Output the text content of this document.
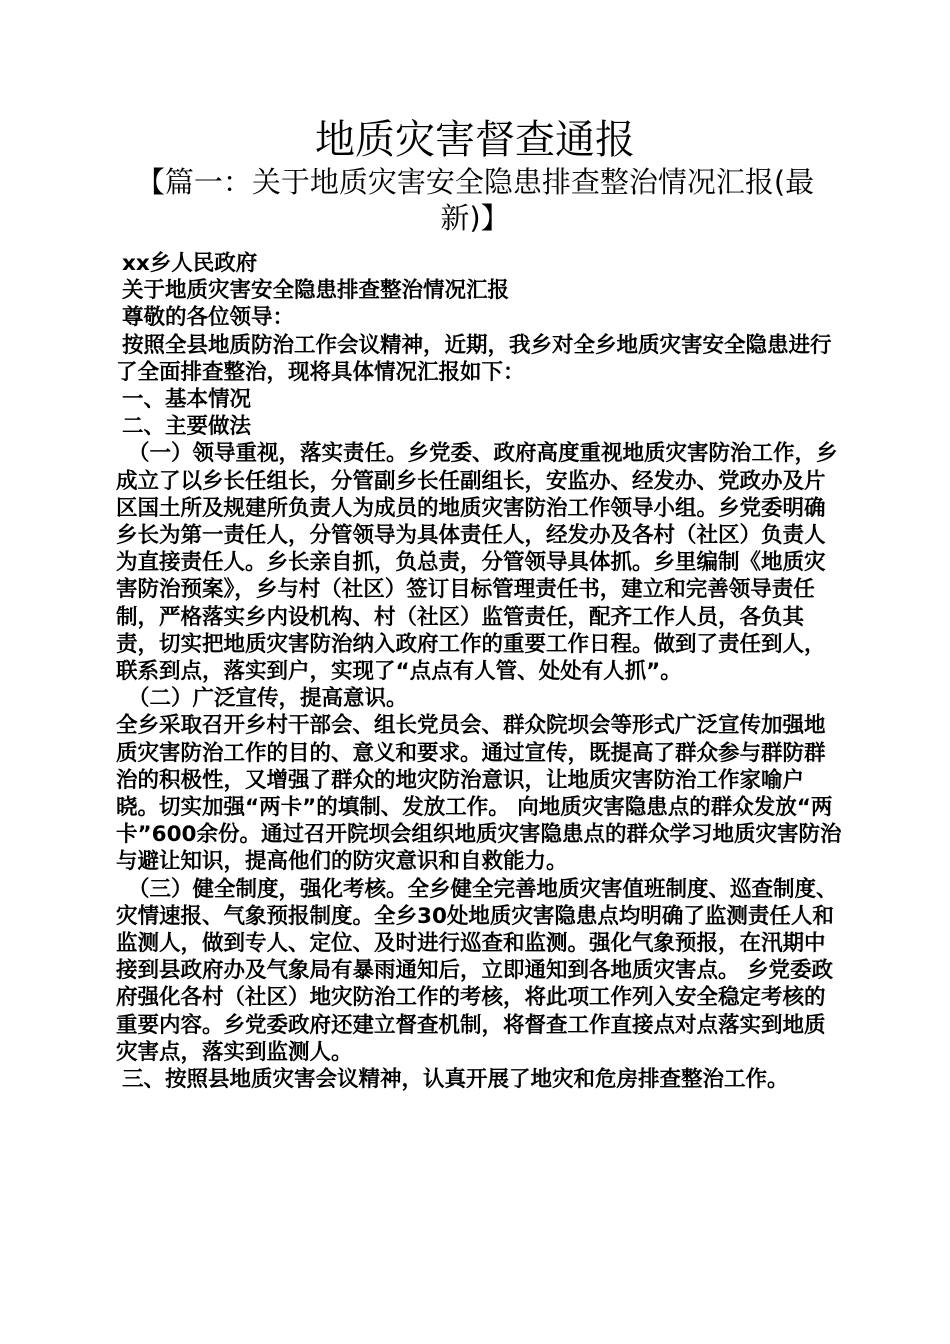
地质灾害督查通报
【篇一：关于地质灾害安全隐患排查整治情况汇报(最新)】

xx乡人民政府

关于地质灾害安全隐患排查整治情况汇报

尊敬的各位领导：

按照全县地质防治工作会议精神，近期，我乡对全乡地质灾害安全隐患进行了全面排查整治，现将具体情况汇报如下：

一、基本情况

二、主要做法

（一）领导重视，落实责任。乡党委、政府高度重视地质灾害防治工作，乡成立了以乡长任组长，分管副乡长任副组长，安监办、经发办、党政办及片区国土所及规建所负责人为成员的地质灾害防治工作领导小组。乡党委明确乡长为第一责任人，分管领导为具体责任人，经发办及各村（社区）负责人为直接责任人。乡长亲自抓，负总责，分管领导具体抓。乡里编制《地质灾害防治预案》，乡与村（社区）签订目标管理责任书，建立和完善领导责任制，严格落实乡内设机构、村（社区）监管责任，配齐工作人员，各负其责，切实把地质灾害防治纳入政府工作的重要工作日程。做到了责任到人，联系到点，落实到户，实现了“点点有人管、处处有人抓”。

（二）广泛宣传，提高意识。

全乡采取召开乡村干部会、组长党员会、群众院坝会等形式广泛宣传加强地质灾害防治工作的目的、意义和要求。通过宣传，既提高了群众参与群防群治的积极性，又增强了群众的地灾防治意识，让地质灾害防治工作家喻户晓。切实加强“两卡”的填制、发放工作。 向地质灾害隐患点的群众发放“两卡”600余份。通过召开院坝会组织地质灾害隐患点的群众学习地质灾害防治与避让知识，提高他们的防灾意识和自救能力。

（三）健全制度，强化考核。全乡健全完善地质灾害值班制度、巡查制度、灾情速报、气象预报制度。全乡30处地质灾害隐患点均明确了监测责任人和监测人，做到专人、定位、及时进行巡查和监测。强化气象预报，在汛期中接到县政府办及气象局有暴雨通知后，立即通知到各地质灾害点。 乡党委政府强化各村（社区）地灾防治工作的考核，将此项工作列入安全稳定考核的重要内容。乡党委政府还建立督查机制，将督查工作直接点对点落实到地质灾害点，落实到监测人。

三、按照县地质灾害会议精神，认真开展了地灾和危房排查整治工作。
